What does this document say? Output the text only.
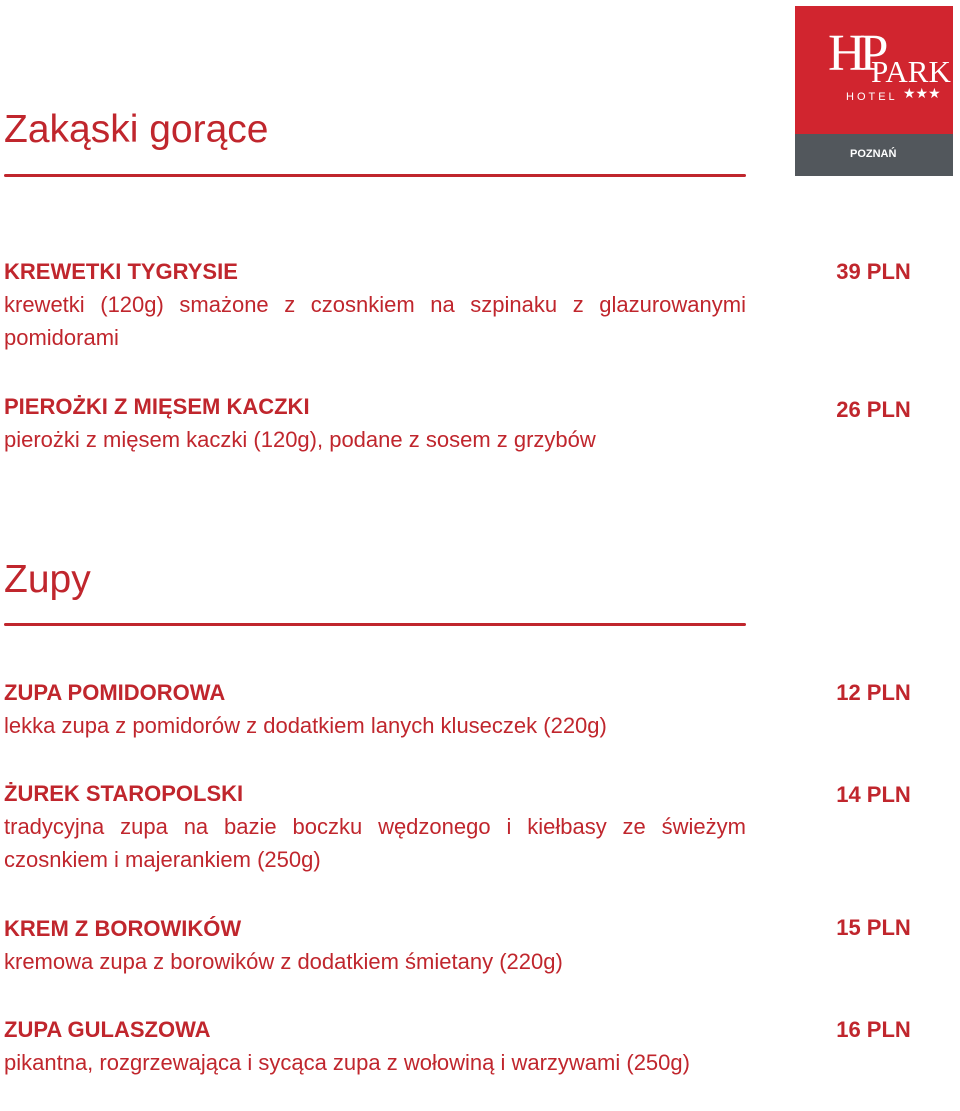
HP
PARK
HOTEL ★★★
POZNAŃ
Zakąski gorące
KREWETKI TYGRYSIE
krewetki (120g) smażone z czosnkiem na szpinaku z glazurowanymi pomidorami
39 PLN
PIEROŻKI Z MIĘSEM KACZKI
pierożki z mięsem kaczki (120g), podane z sosem z grzybów
26 PLN
Zupy
ZUPA POMIDOROWA
lekka zupa z pomidorów z dodatkiem lanych kluseczek (220g)
12 PLN
ŻUREK STAROPOLSKI
tradycyjna zupa na bazie boczku wędzonego i kiełbasy ze świeżym czosnkiem i majerankiem (250g)
14 PLN
KREM Z BOROWIKÓW
kremowa zupa z borowików z dodatkiem śmietany (220g)
15 PLN
ZUPA GULASZOWA
pikantna, rozgrzewająca i sycąca zupa z wołowiną i warzywami (250g)
16 PLN
